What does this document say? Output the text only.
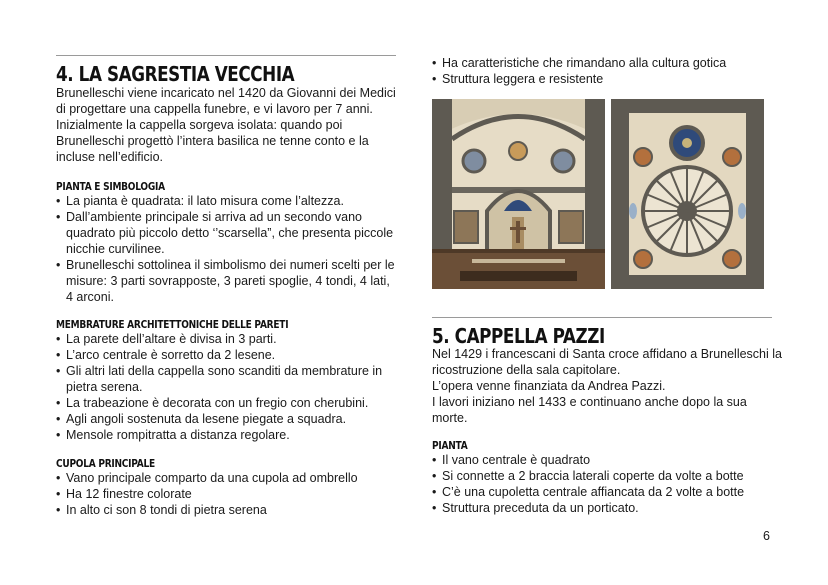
4. LA SAGRESTIA VECCHIA
Brunelleschi viene incaricato nel 1420 da Giovanni dei Medici
di progettare una cappella funebre, e vi lavoro per 7 anni.
Inizialmente la cappella sorgeva isolata: quando poi
Brunelleschi progettò l’intera basilica ne tenne conto e la
incluse nell’edificio.
PIANTA E SIMBOLOGIA
• La pianta è quadrata: il lato misura come l’altezza.
• Dall’ambiente principale si arriva ad un secondo vano
quadrato più piccolo detto ‘’scarsella”, che presenta piccole
nicchie curvilinee.
• Brunelleschi sottolinea il simbolismo dei numeri scelti per le
misure: 3 parti sovrapposte, 3 pareti spoglie, 4 tondi, 4 lati,
4 arconi.
MEMBRATURE ARCHITETTONICHE DELLE PARETI
• La parete dell’altare è divisa in 3 parti.
• L’arco centrale è sorretto da 2 lesene.
• Gli altri lati della cappella sono scanditi da membrature in
pietra serena.
• La trabeazione è decorata con un fregio con cherubini.
• Agli angoli sostenuta da lesene piegate a squadra.
• Mensole rompitratta a distanza regolare.
CUPOLA PRINCIPALE
• Vano principale comparto da una cupola ad ombrello
• Ha 12 finestre colorate
• In alto ci son 8 tondi di pietra serena
• Ha caratteristiche che rimandano alla cultura gotica
• Struttura leggera e resistente
5. CAPPELLA PAZZI
Nel 1429 i francescani di Santa croce affidano a Brunelleschi la
ricostruzione della sala capitolare.
L’opera venne finanziata da Andrea Pazzi.
I lavori iniziano nel 1433 e continuano anche dopo la sua
morte.
PIANTA
• Il vano centrale è quadrato
• Si connette a 2 braccia laterali coperte da volte a botte
• C’è una cupoletta centrale affiancata da 2 volte a botte
• Struttura preceduta da un porticato.
6
